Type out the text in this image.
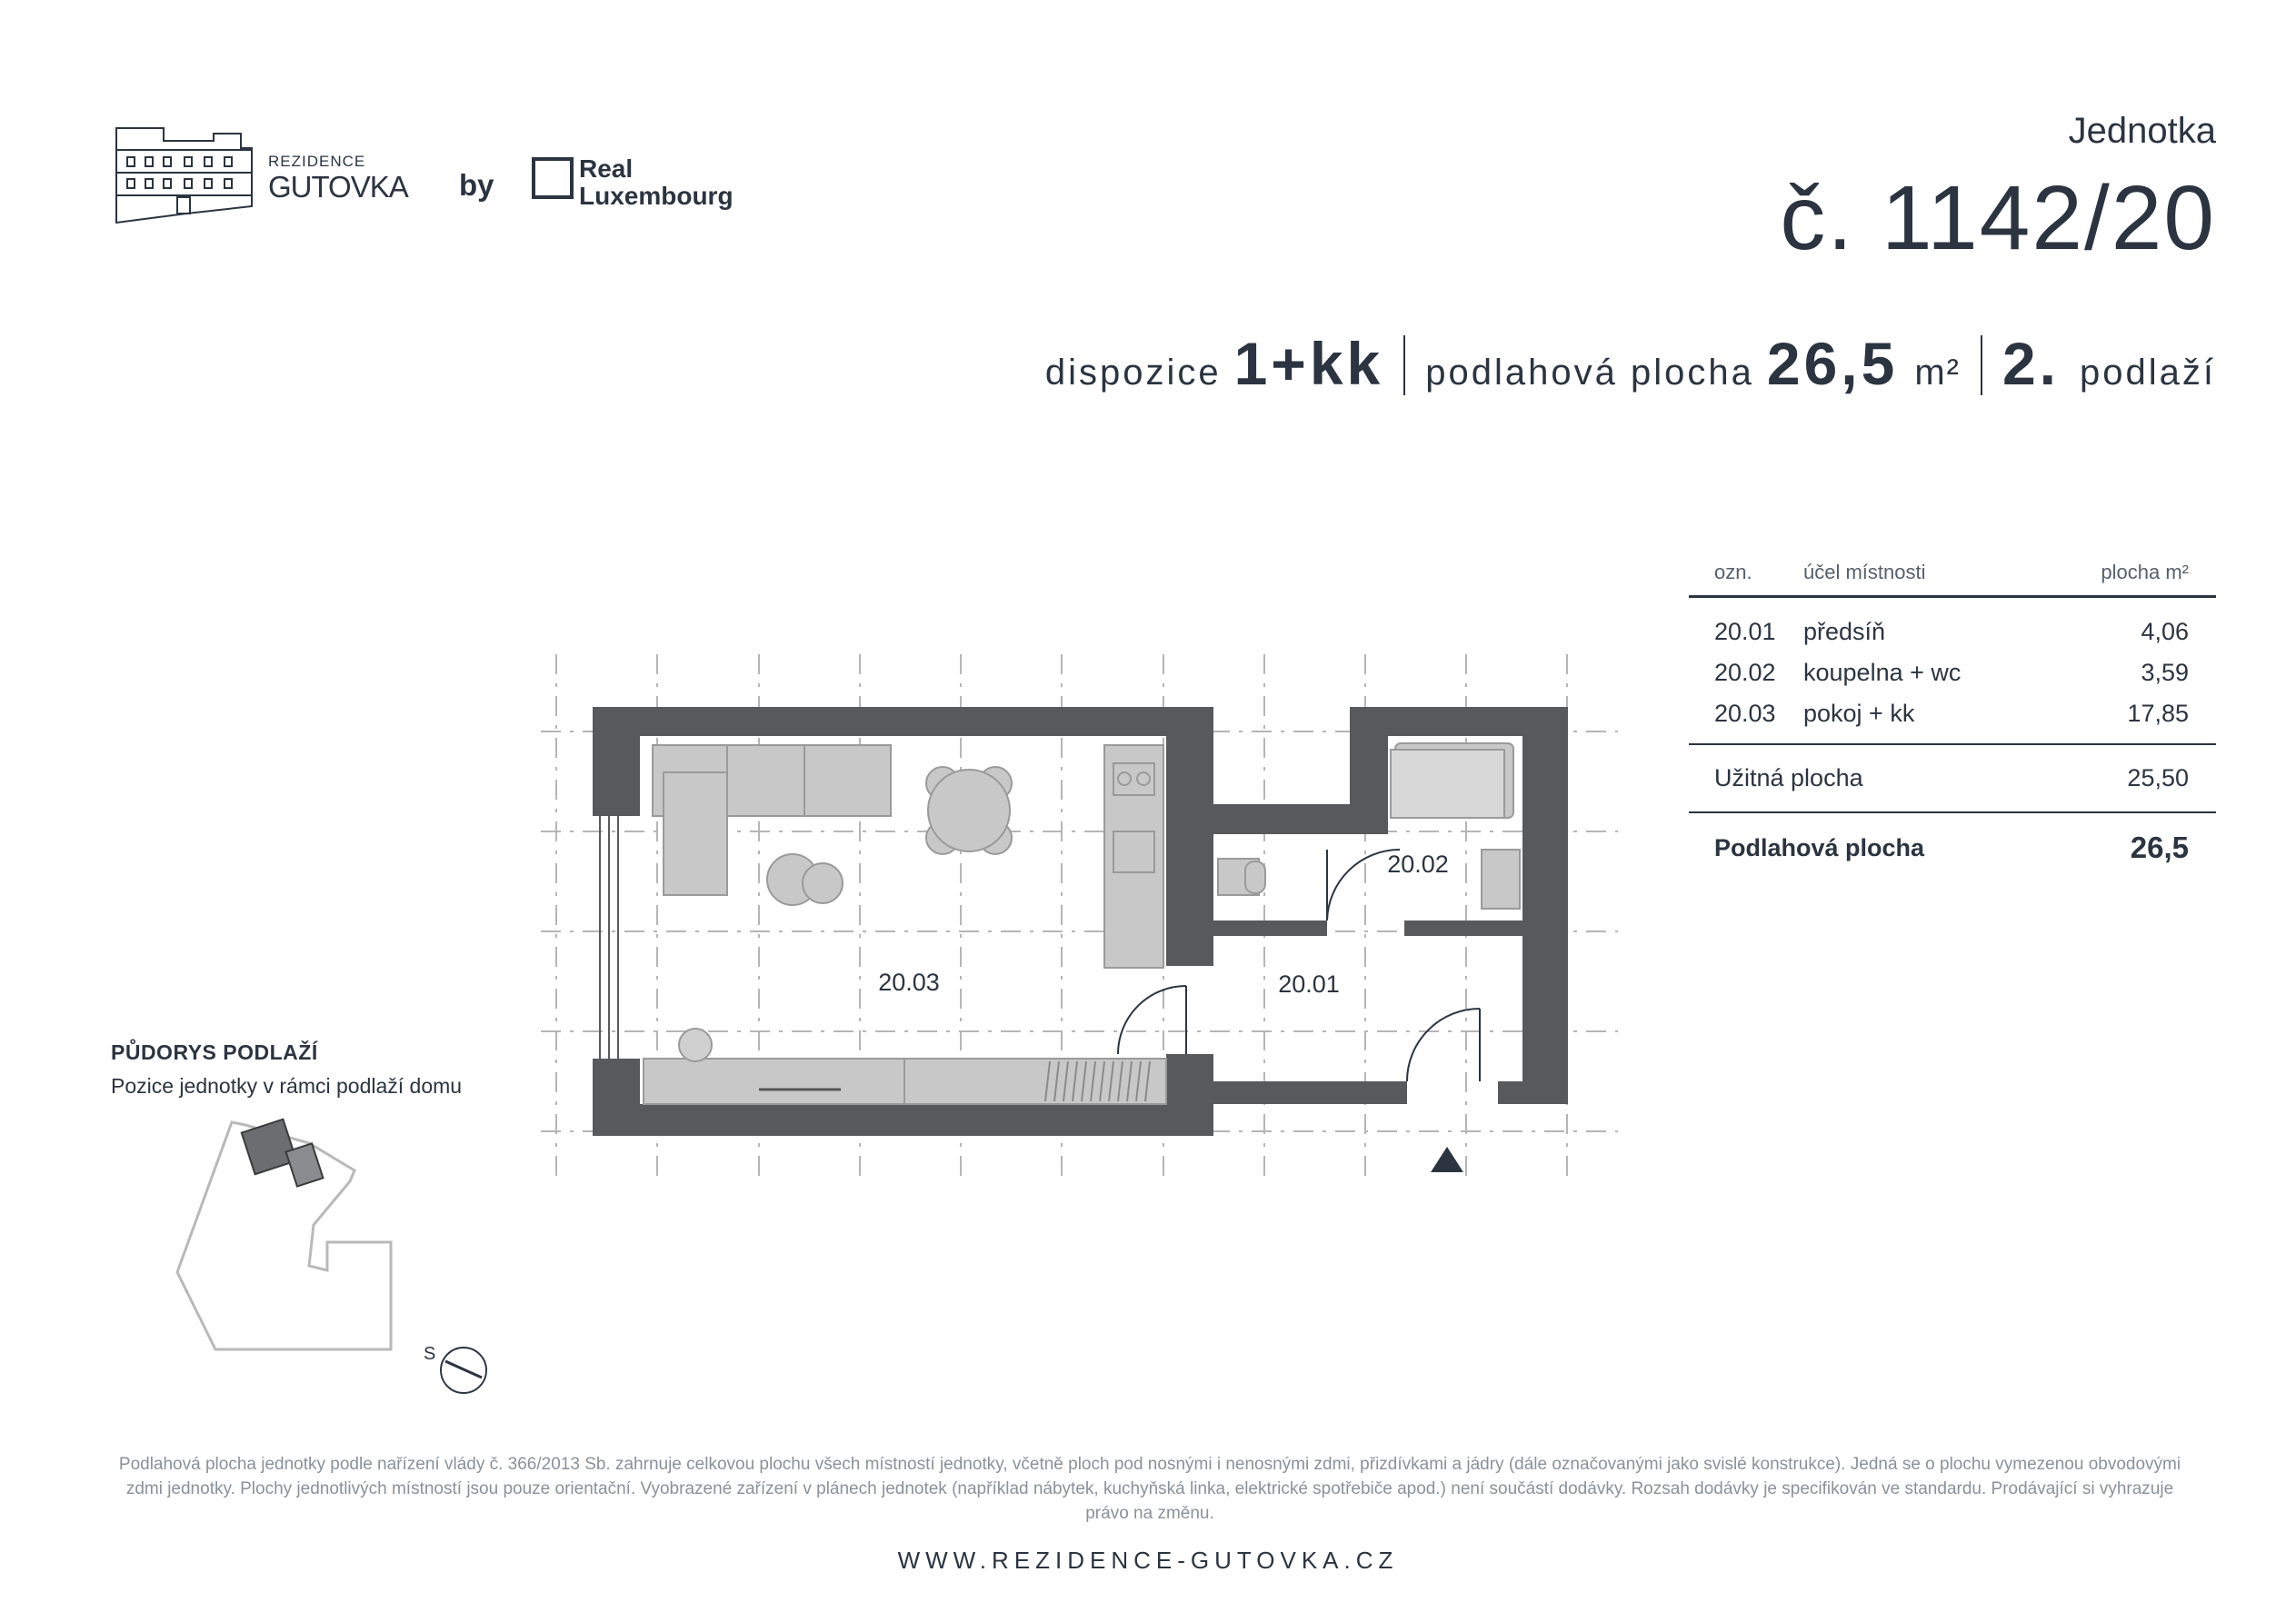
REZIDENCE
GUTOVKA by	Real
Luxembourg
Jednotka
č. 1142/20
dispozice 1+kk podlahová plocha 26,5 m² 2. podlaží
ozn.	účel místnosti	plocha m²
20.01	předsíň	4,06
20.02	koupelna + wc	3,59
20.03	pokoj + kk	17,85
Užitná plocha	25,50
Podlahová plocha	26,5
20.03
20.02
20.01
S
PŮDORYS PODLAŽÍ
Pozice jednotky v rámci podlaží domu
Podlahová plocha jednotky podle nařízení vlády č. 366/2013 Sb. zahrnuje celkovou plochu všech místností jednotky, včetně ploch pod nosnými i nenosnými zdmi, přizdívkami a jádry (dále označovanými jako svislé konstrukce). Jedná se o plochu vymezenou obvodovými zdmi jednotky. Plochy jednotlivých místností jsou pouze orientační. Vyobrazené zařízení v plánech jednotek (například nábytek, kuchyňská linka, elektrické spotřebiče apod.) není součástí dodávky. Rozsah dodávky je specifikován ve standardu. Prodávající si vyhrazuje právo na změnu.
WWW.REZIDENCE-GUTOVKA.CZ
